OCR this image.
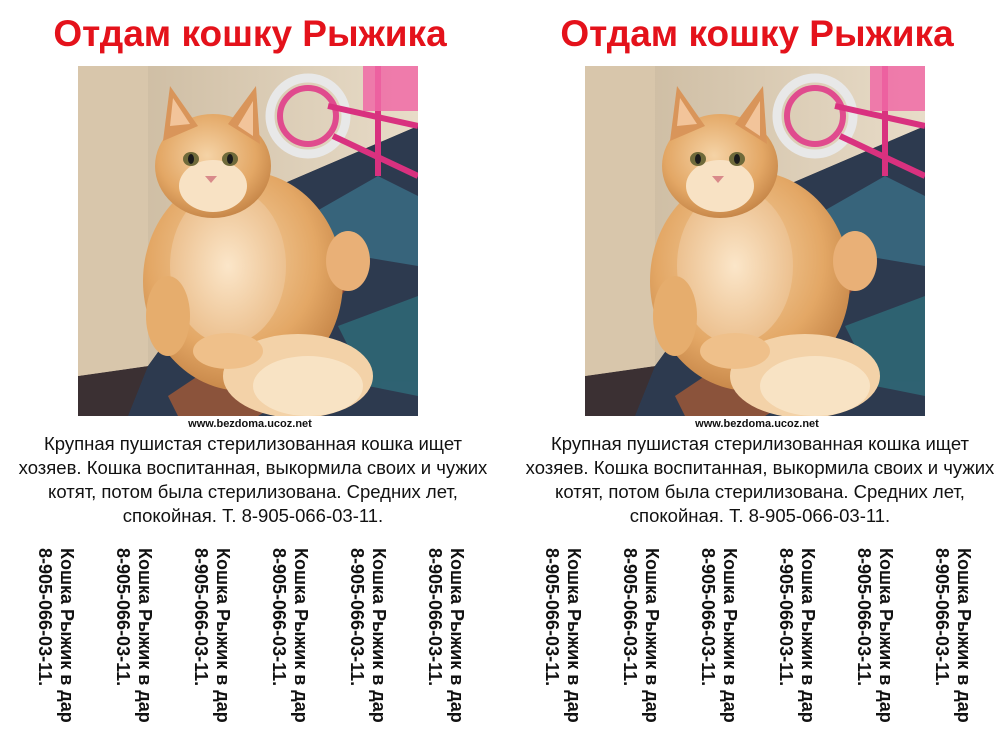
Отдам кошку Рыжика
www.bezdoma.ucoz.net
Крупная пушистая стерилизованная кошка ищет хозяев. Кошка воспитанная, выкормила своих и чужих котят, потом была стерилизована. Средних лет, спокойная. Т. 8-905-066-03-11.
Кошка Рыжик в дар
8-905-066-03-11.	Кошка Рыжик в дар
8-905-066-03-11.	Кошка Рыжик в дар
8-905-066-03-11.	Кошка Рыжик в дар
8-905-066-03-11.	Кошка Рыжик в дар
8-905-066-03-11.	Кошка Рыжик в дар
8-905-066-03-11.
Отдам кошку Рыжика
www.bezdoma.ucoz.net
Крупная пушистая стерилизованная кошка ищет хозяев. Кошка воспитанная, выкормила своих и чужих котят, потом была стерилизована. Средних лет, спокойная. Т. 8-905-066-03-11.
Кошка Рыжик в дар
8-905-066-03-11.	Кошка Рыжик в дар
8-905-066-03-11.	Кошка Рыжик в дар
8-905-066-03-11.	Кошка Рыжик в дар
8-905-066-03-11.	Кошка Рыжик в дар
8-905-066-03-11.	Кошка Рыжик в дар
8-905-066-03-11.
